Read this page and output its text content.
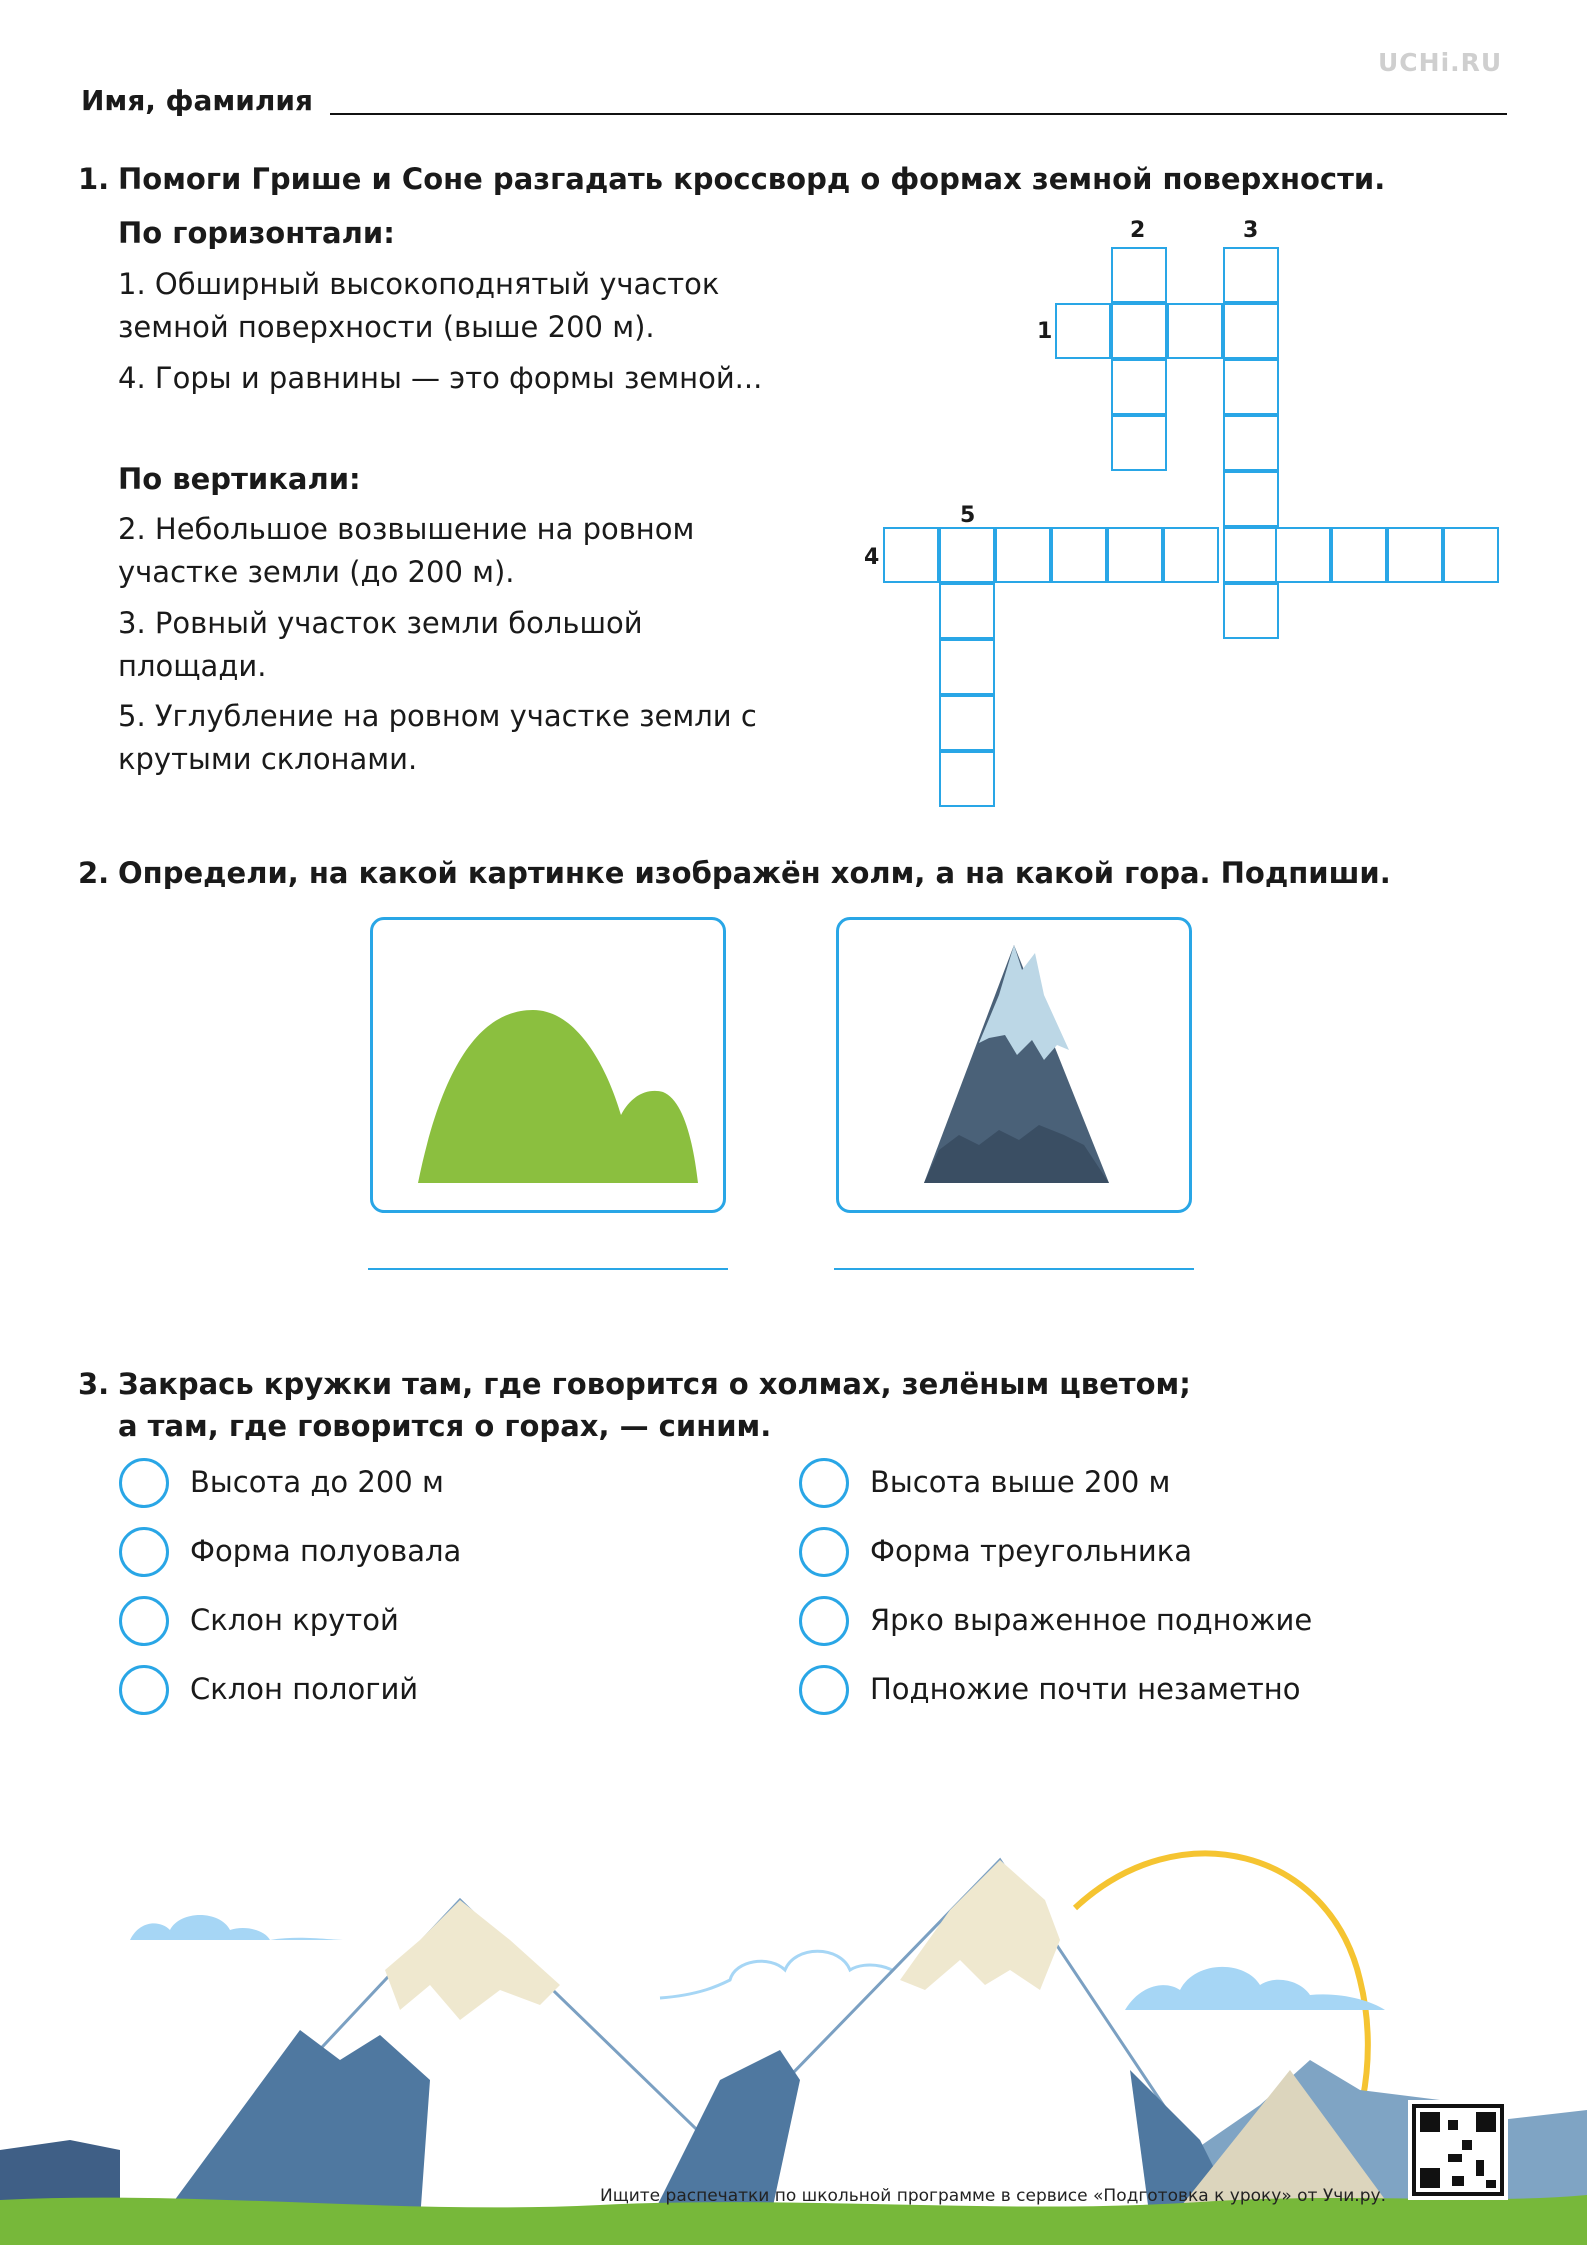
UCHi.RU
Имя, фамилия
1. Помоги Грише и Соне разгадать кроссворд о формах земной поверхности.
По горизонтали:
1. Обширный высокоподнятый участок земной поверхности (выше 200 м).
4. Горы и равнины — это формы земной...
По вертикали:
2. Небольшое возвышение на ровном участке земли (до 200 м).
3. Ровный участок земли большой площади.
5. Углубление на ровном участке земли с крутыми склонами.
2	3
1
4
5
2. Определи, на какой картинке изображён холм, а на какой гора. Подпиши.
3. Закрась кружки там, где говорится о холмах, зелёным цветом;
а там, где говорится о горах, — синим.
Высота до 200 м
Форма полуовала
Склон крутой
Склон пологий
Высота выше 200 м
Форма треугольника
Ярко выраженное подножие
Подножие почти незаметно
Ищите распечатки по школьной программе в сервисе «Подготовка к уроку» от Учи.ру.
